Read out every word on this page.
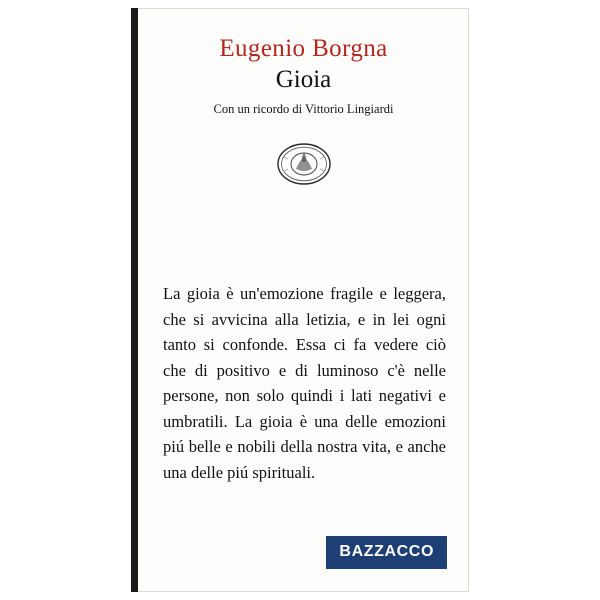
Eugenio Borgna
Gioia
Con un ricordo di Vittorio Lingiardi
La gioia è un'emozione fragile e leggera, che si avvicina alla letizia, e in lei ogni tanto si confonde. Essa ci fa vedere ciò che di positivo e di luminoso c'è nelle persone, non solo quindi i lati negativi e umbratili. La gioia è una delle emozioni piú belle e nobili della nostra vita, e anche una delle piú spirituali.
BAZZACCO
